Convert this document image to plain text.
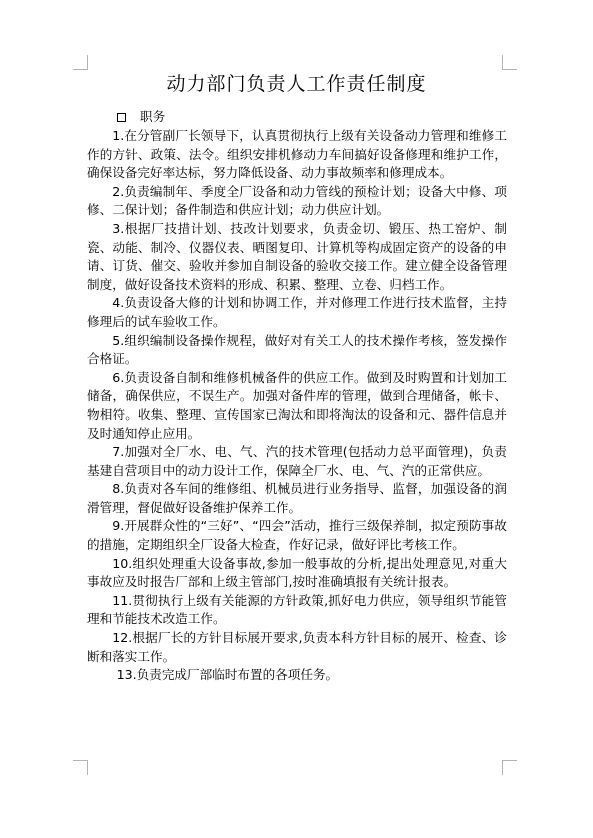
动力部门负责人工作责任制度
职务

1.在分管副厂长领导下，认真贯彻执行上级有关设备动力管理和维修工作的方针、政策、法令。组织安排机修动力车间搞好设备修理和维护工作，确保设备完好率达标，努力降低设备、动力事故频率和修理成本。

2.负责编制年、季度全厂设备和动力管线的预检计划；设备大中修、项修、二保计划；备件制造和供应计划；动力供应计划。

3.根据厂技措计划、技改计划要求，负责金切、锻压、热工窑炉、制瓷、动能、制冷、仪器仪表、晒图复印、计算机等构成固定资产的设备的申请、订货、催交、验收并参加自制设备的验收交接工作。建立健全设备管理制度，做好设备技术资料的形成、积累、整理、立卷、归档工作。

4.负责设备大修的计划和协调工作，并对修理工作进行技术监督，主持修理后的试车验收工作。

5.组织编制设备操作规程，做好对有关工人的技术操作考核，签发操作合格证。

6.负责设备自制和维修机械备件的供应工作。做到及时购置和计划加工储备，确保供应，不误生产。加强对备件库的管理，做到合理储备，帐卡、物相符。收集、整理、宣传国家已淘汰和即将淘汰的设备和元、器件信息并及时通知停止应用。

7.加强对全厂水、电、气、汽的技术管理(包括动力总平面管理)，负责基建自营项目中的动力设计工作，保障全厂水、电、气、汽的正常供应。

8.负责对各车间的维修组、机械员进行业务指导、监督，加强设备的润滑管理，督促做好设备维护保养工作。

9.开展群众性的“三好”、“四会”活动，推行三级保养制，拟定预防事故的措施，定期组织全厂设备大检查，作好记录，做好评比考核工作。

10.组织处理重大设备事故,参加一般事故的分析,提出处理意见,对重大事故应及时报告厂部和上级主管部门,按时准确填报有关统计报表。

11.贯彻执行上级有关能源的方针政策,抓好电力供应，领导组织节能管理和节能技术改造工作。

12.根据厂长的方针目标展开要求,负责本科方针目标的展开、检查、诊断和落实工作。

13.负责完成厂部临时布置的各项任务。
